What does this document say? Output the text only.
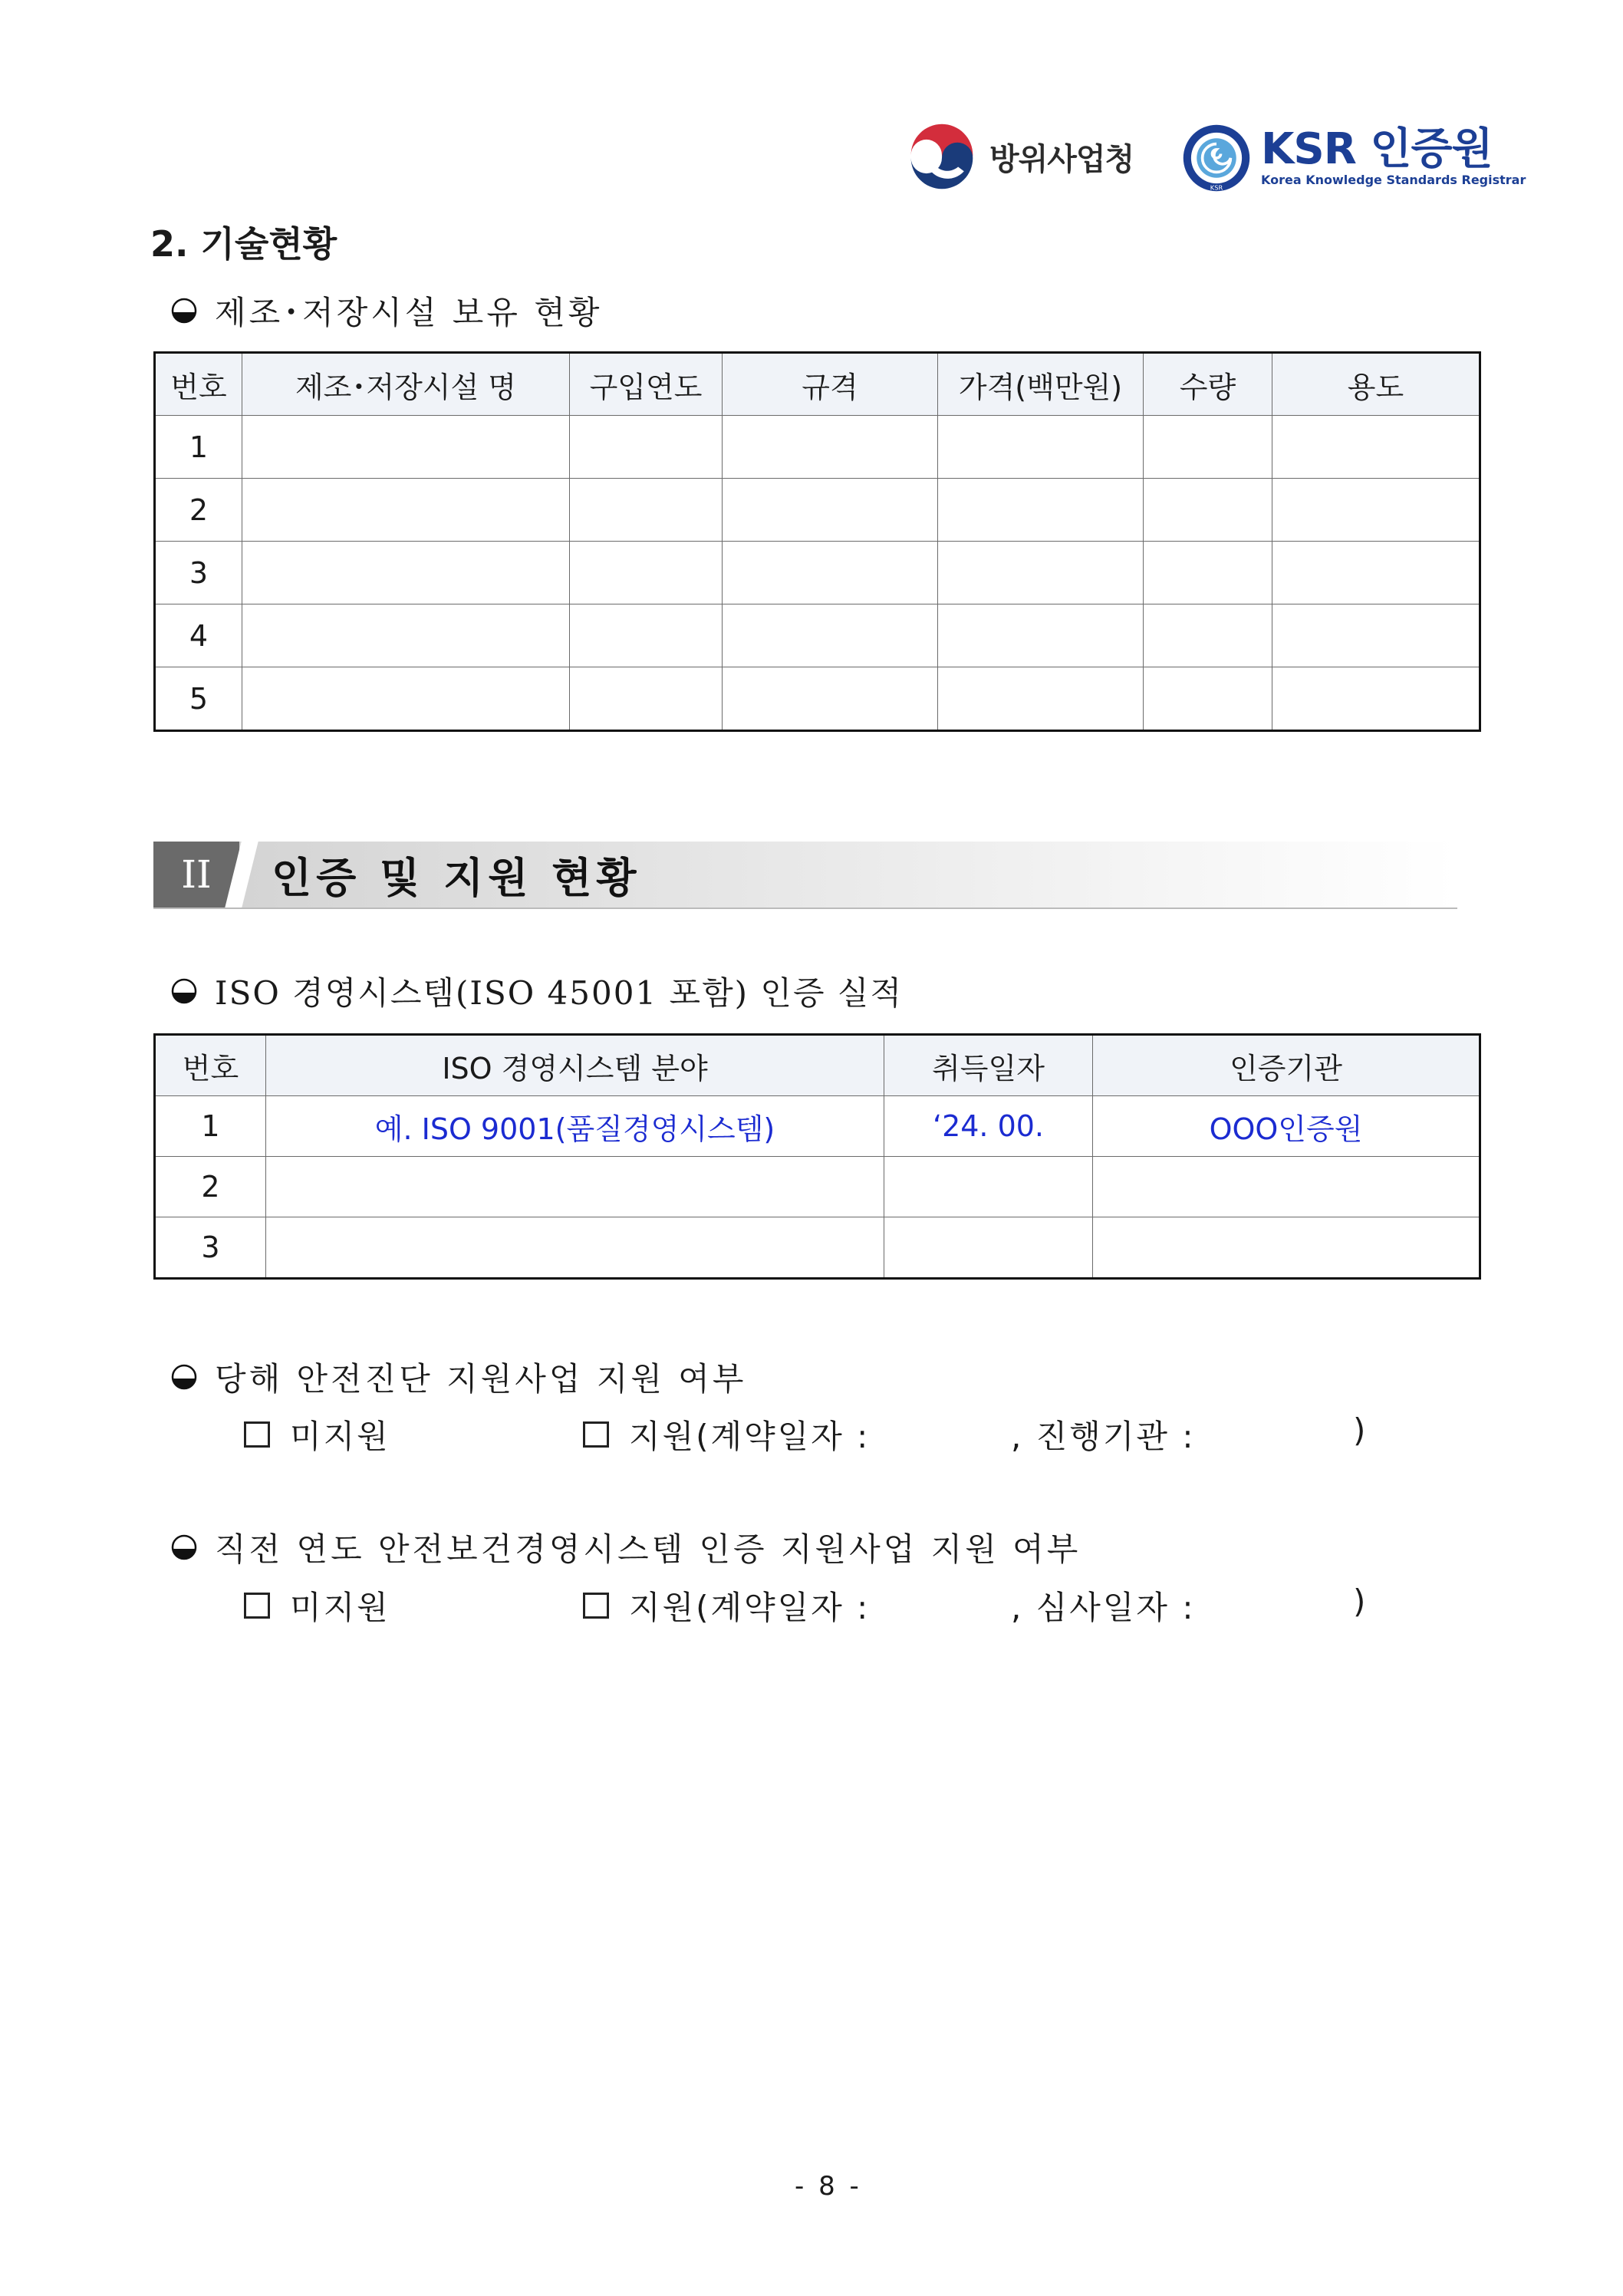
방위사업청
KSR
KSR 인증원
Korea Knowledge Standards Registrar
2. 기술현황
제조･저장시설 보유 현황
번호	제조･저장시설 명	구입연도	규격	가격(백만원)	수량	용도
1						
2						
3						
4						
5						
II	인증 및 지원 현황
ISO 경영시스템(ISO 45001 포함) 인증 실적
번호	ISO 경영시스템 분야	취득일자	인증기관
1	예. ISO 9001(품질경영시스템)	‘24. 00.	OOO인증원
2			
3			
당해 안전진단 지원사업 지원 여부
미지원	지원(계약일자 :	, 진행기관 :	)
직전 연도 안전보건경영시스템 인증 지원사업 지원 여부
미지원	지원(계약일자 :	, 심사일자 :	)
- 8 -
